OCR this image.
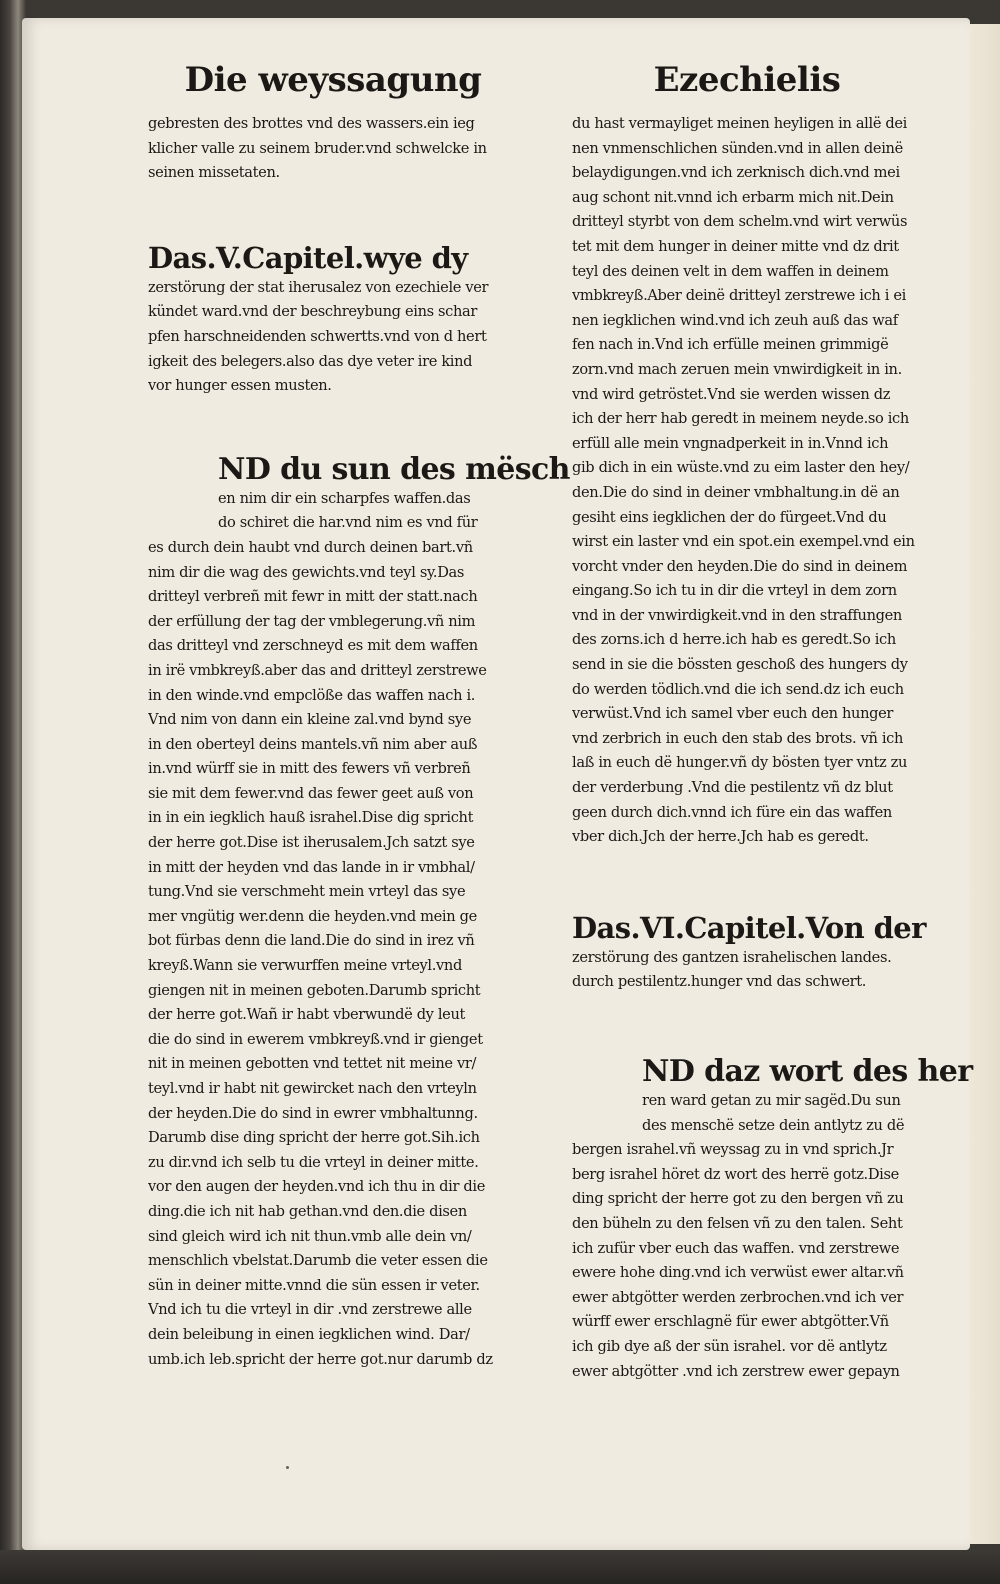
Die weyssagung
gebresten des brottes vnd des wassers.ein ieg
klicher valle zu seinem bruder.vnd schwelcke in
seinen missetaten.
Das.V.Capitel.wye dy
zerstörung der stat iherusalez von ezechiele ver
kündet ward.vnd der beschreybung eins schar
pfen harschneidenden schwertts.vnd von d hert
igkeit des belegers.also das dye veter ire kind
vor hunger essen musten.
ND du sun des mësch
en nim dir ein scharpfes waffen.das
do schiret die har.vnd nim es vnd für
es durch dein haubt vnd durch deinen bart.vñ
nim dir die wag des gewichts.vnd teyl sy.Das
dritteyl verbreñ mit fewr in mitt der statt.nach
der erfüllung der tag der vmblegerung.vñ nim
das dritteyl vnd zerschneyd es mit dem waffen
in irë vmbkreyß.aber das and dritteyl zerstrewe
in den winde.vnd empclöße das waffen nach i.
Vnd nim von dann ein kleine zal.vnd bynd sye
in den oberteyl deins mantels.vñ nim aber auß
in.vnd würff sie in mitt des fewers vñ verbreñ
sie mit dem fewer.vnd das fewer geet auß von
in in ein iegklich hauß israhel.Dise dig spricht
der herre got.Dise ist iherusalem.Jch satzt sye
in mitt der heyden vnd das lande in ir vmbhal/
tung.Vnd sie verschmeht mein vrteyl das sye
mer vngütig wer.denn die heyden.vnd mein ge
bot fürbas denn die land.Die do sind in irez vñ
kreyß.Wann sie verwurffen meine vrteyl.vnd
giengen nit in meinen geboten.Darumb spricht
der herre got.Wañ ir habt vberwundë dy leut
die do sind in ewerem vmbkreyß.vnd ir gienget
nit in meinen gebotten vnd tettet nit meine vr/
teyl.vnd ir habt nit gewircket nach den vrteyln
der heyden.Die do sind in ewrer vmbhaltunng.
Darumb dise ding spricht der herre got.Sih.ich
zu dir.vnd ich selb tu die vrteyl in deiner mitte.
vor den augen der heyden.vnd ich thu in dir die
ding.die ich nit hab gethan.vnd den.die disen
sind gleich wird ich nit thun.vmb alle dein vn/
menschlich vbelstat.Darumb die veter essen die
sün in deiner mitte.vnnd die sün essen ir veter.
Vnd ich tu die vrteyl in dir .vnd zerstrewe alle
dein beleibung in einen iegklichen wind. Dar/
umb.ich leb.spricht der herre got.nur darumb dz
Ezechielis
du hast vermayliget meinen heyligen in allë dei
nen vnmenschlichen sünden.vnd in allen deinë
belaydigungen.vnd ich zerknisch dich.vnd mei
aug schont nit.vnnd ich erbarm mich nit.Dein
dritteyl styrbt von dem schelm.vnd wirt verwüs
tet mit dem hunger in deiner mitte vnd dz drit
teyl des deinen velt in dem waffen in deinem
vmbkreyß.Aber deinë dritteyl zerstrewe ich i ei
nen iegklichen wind.vnd ich zeuh auß das waf
fen nach in.Vnd ich erfülle meinen grimmigë
zorn.vnd mach zeruen mein vnwirdigkeit in in.
vnd wird getröstet.Vnd sie werden wissen dz
ich der herr hab geredt in meinem neyde.so ich
erfüll alle mein vngnadperkeit in in.Vnnd ich
gib dich in ein wüste.vnd zu eim laster den hey/
den.Die do sind in deiner vmbhaltung.in dë an
gesiht eins iegklichen der do fürgeet.Vnd du
wirst ein laster vnd ein spot.ein exempel.vnd ein
vorcht vnder den heyden.Die do sind in deinem
eingang.So ich tu in dir die vrteyl in dem zorn
vnd in der vnwirdigkeit.vnd in den straffungen
des zorns.ich d herre.ich hab es geredt.So ich
send in sie die bössten geschoß des hungers dy
do werden tödlich.vnd die ich send.dz ich euch
verwüst.Vnd ich samel vber euch den hunger
vnd zerbrich in euch den stab des brots. vñ ich
laß in euch dë hunger.vñ dy bösten tyer vntz zu
der verderbung .Vnd die pestilentz vñ dz blut
geen durch dich.vnnd ich füre ein das waffen
vber dich.Jch der herre.Jch hab es geredt.
Das.VI.Capitel.Von der
zerstörung des gantzen israhelischen landes.
durch pestilentz.hunger vnd das schwert.
ND daz wort des her
ren ward getan zu mir sagëd.Du sun
des menschë setze dein antlytz zu dë
bergen israhel.vñ weyssag zu in vnd sprich.Jr
berg israhel höret dz wort des herrë gotz.Dise
ding spricht der herre got zu den bergen vñ zu
den büheln zu den felsen vñ zu den talen. Seht
ich zufür vber euch das waffen. vnd zerstrewe
ewere hohe ding.vnd ich verwüst ewer altar.vñ
ewer abtgötter werden zerbrochen.vnd ich ver
würff ewer erschlagnë für ewer abtgötter.Vñ
ich gib dye aß der sün israhel. vor dë antlytz
ewer abtgötter .vnd ich zerstrew ewer gepayn
